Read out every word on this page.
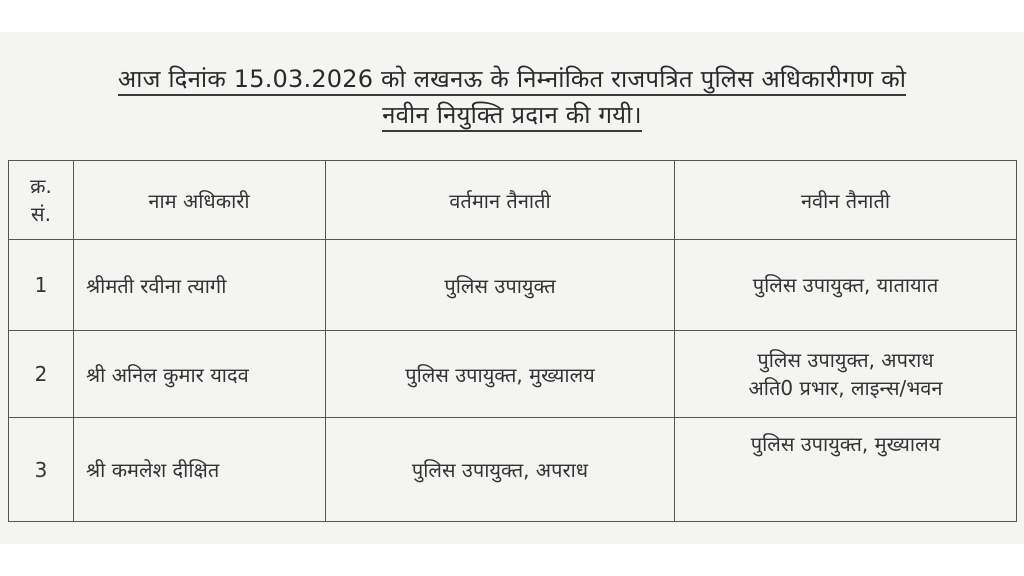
आज दिनांक 15.03.2026 को लखनऊ के निम्नांकित राजपत्रित पुलिस अधिकारीगण को
नवीन नियुक्ति प्रदान की गयी।
क्र.
सं.	नाम अधिकारी	वर्तमान तैनाती	नवीन तैनाती
1	श्रीमती रवीना त्यागी	पुलिस उपायुक्त	पुलिस उपायुक्त, यातायात

2	श्री अनिल कुमार यादव	पुलिस उपायुक्त, मुख्यालय	पुलिस उपायुक्त, अपराध
अति0 प्रभार, लाइन्स/भवन

3	श्री कमलेश दीक्षित	पुलिस उपायुक्त, अपराध	पुलिस उपायुक्त, मुख्यालय
